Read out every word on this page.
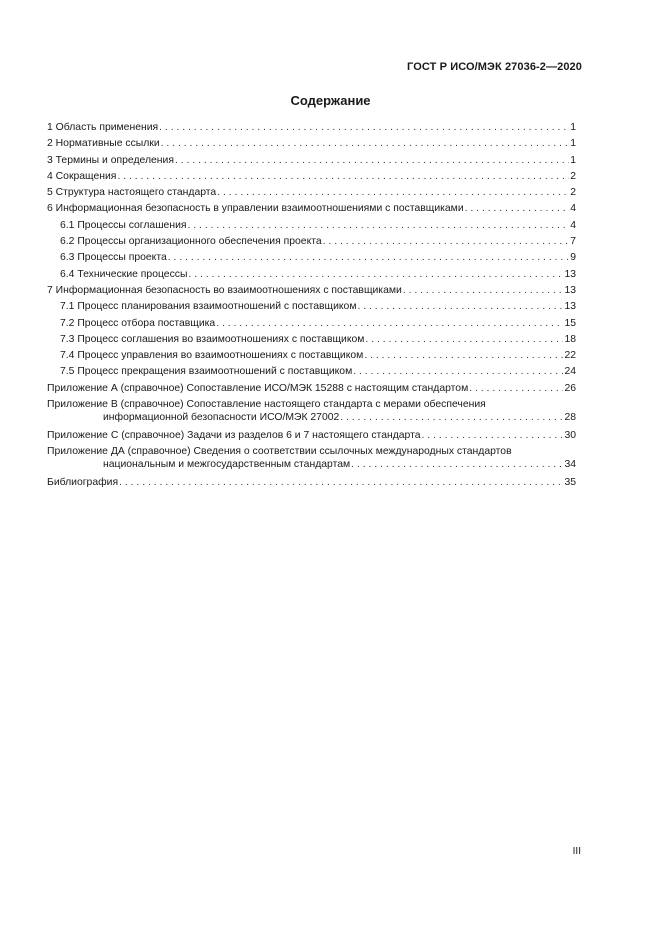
ГОСТ Р ИСО/МЭК 27036-2—2020
Содержание
1 Область применения . . .	1
2 Нормативные ссылки . . .	1
3 Термины и определения . . .	1
4 Сокращения . . .	2
5 Структура настоящего стандарта . . .	2
6 Информационная безопасность в управлении взаимоотношениями с поставщиками . . .	4
6.1 Процессы соглашения . . .	4
6.2 Процессы организационного обеспечения проекта . . .	7
6.3 Процессы проекта . . .	9
6.4 Технические процессы . . .	13
7 Информационная безопасность во взаимоотношениях с поставщиками . . .	13
7.1 Процесс планирования взаимоотношений с поставщиком . . .	13
7.2 Процесс отбора поставщика . . .	15
7.3 Процесс соглашения во взаимоотношениях с поставщиком . . .	18
7.4 Процесс управления во взаимоотношениях с поставщиком . . .	22
7.5 Процесс прекращения взаимоотношений с поставщиком . . .	24
Приложение А (справочное) Сопоставление ИСО/МЭК 15288 с настоящим стандартом . . .	26
Приложение В (справочное) Сопоставление настоящего стандарта с мерами обеспечения
информационной безопасности ИСО/МЭК 27002 . . .	28
Приложение С (справочное) Задачи из разделов 6 и 7 настоящего стандарта . . .	30
Приложение ДА (справочное) Сведения о соответствии ссылочных международных стандартов
национальным и межгосударственным стандартам . . .	34
Библиография . . .	35
III
